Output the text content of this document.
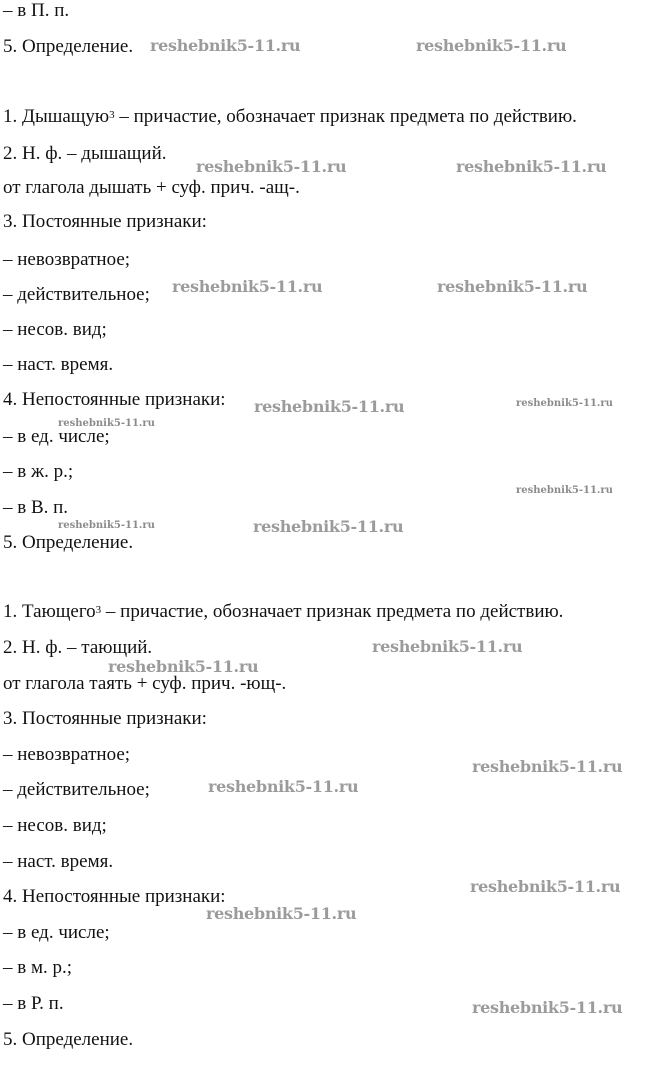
– в П. п.
5. Определение.
1. Дышащую$^3$ – причастие, обозначает признак предмета по действию.
2. Н. ф. – дышащий.
от глагола дышать + суф. прич. -ащ-.
3. Постоянные признаки:
– невозвратное;
– действительное;
– несов. вид;
– наст. время.
4. Непостоянные признаки:
– в ед. числе;
– в ж. р.;
– в В. п.
5. Определение.
1. Тающего$^3$ – причастие, обозначает признак предмета по действию.
2. Н. ф. – тающий.
от глагола таять + суф. прич. -ющ-.
3. Постоянные признаки:
– невозвратное;
– действительное;
– несов. вид;
– наст. время.
4. Непостоянные признаки:
– в ед. числе;
– в м. р.;
– в Р. п.
5. Определение.
reshebnik5-11.ru	reshebnik5-11.ru
reshebnik5-11.ru	reshebnik5-11.ru
reshebnik5-11.ru	reshebnik5-11.ru
reshebnik5-11.ru	reshebnik5-11.ru
reshebnik5-11.ru
reshebnik5-11.ru
reshebnik5-11.ru	reshebnik5-11.ru
reshebnik5-11.ru
reshebnik5-11.ru
reshebnik5-11.ru
reshebnik5-11.ru
reshebnik5-11.ru
reshebnik5-11.ru
reshebnik5-11.ru
